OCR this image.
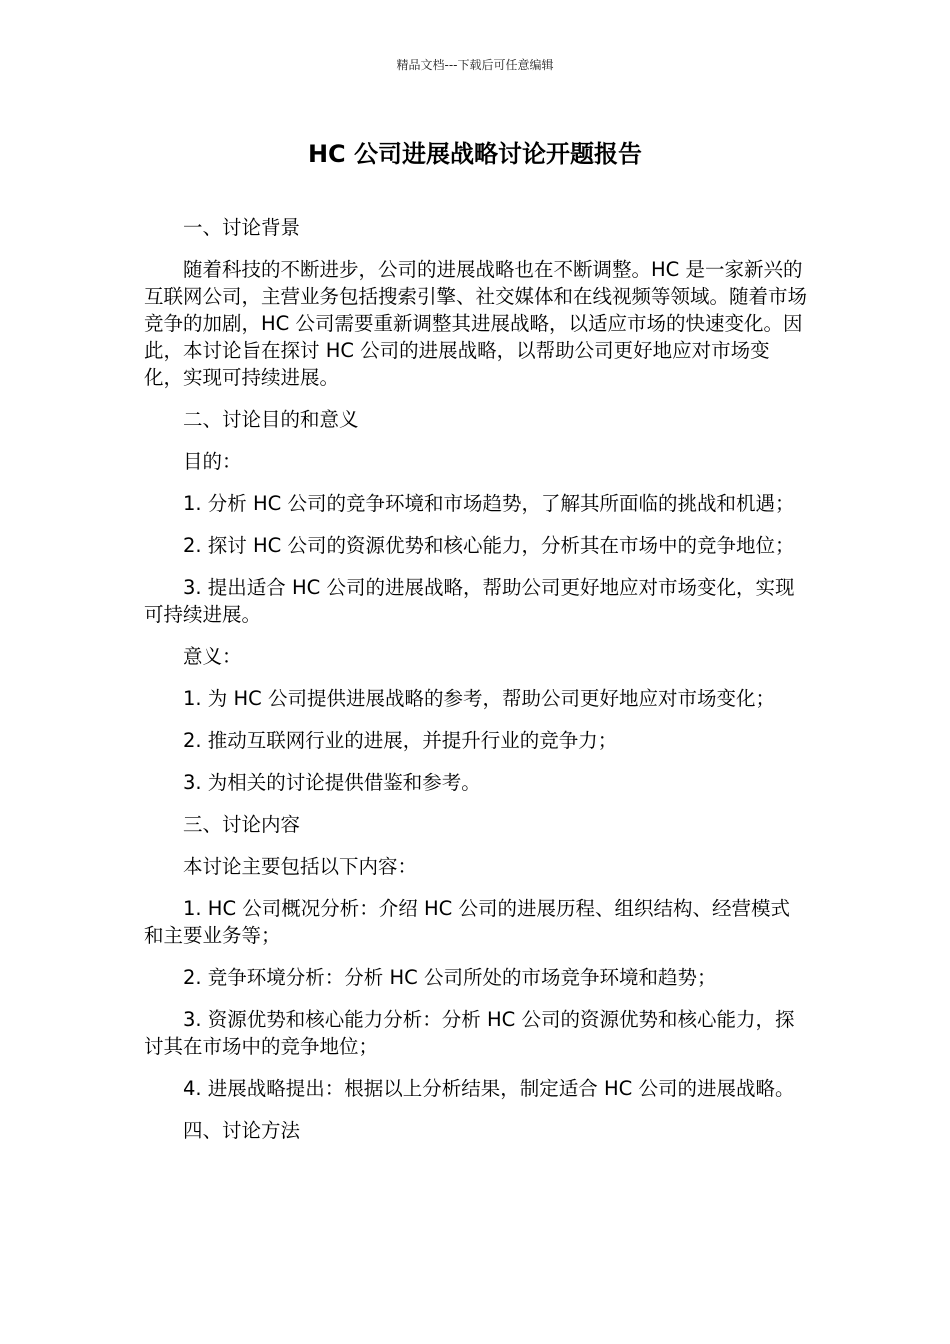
精品文档---下载后可任意编辑
HC 公司进展战略讨论开题报告

一、讨论背景

随着科技的不断进步，公司的进展战略也在不断调整。HC 是一家新兴的互联网公司，主营业务包括搜索引擎、社交媒体和在线视频等领域。随着市场竞争的加剧，HC 公司需要重新调整其进展战略，以适应市场的快速变化。因此，本讨论旨在探讨 HC 公司的进展战略，以帮助公司更好地应对市场变化，实现可持续进展。

二、讨论目的和意义

目的：

1. 分析 HC 公司的竞争环境和市场趋势，了解其所面临的挑战和机遇；

2. 探讨 HC 公司的资源优势和核心能力，分析其在市场中的竞争地位；

3. 提出适合 HC 公司的进展战略，帮助公司更好地应对市场变化，实现可持续进展。

意义：

1. 为 HC 公司提供进展战略的参考，帮助公司更好地应对市场变化；

2. 推动互联网行业的进展，并提升行业的竞争力；

3. 为相关的讨论提供借鉴和参考。

三、讨论内容

本讨论主要包括以下内容：

1. HC 公司概况分析：介绍 HC 公司的进展历程、组织结构、经营模式和主要业务等；

2. 竞争环境分析：分析 HC 公司所处的市场竞争环境和趋势；

3. 资源优势和核心能力分析：分析 HC 公司的资源优势和核心能力，探讨其在市场中的竞争地位；

4. 进展战略提出：根据以上分析结果，制定适合 HC 公司的进展战略。

四、讨论方法
